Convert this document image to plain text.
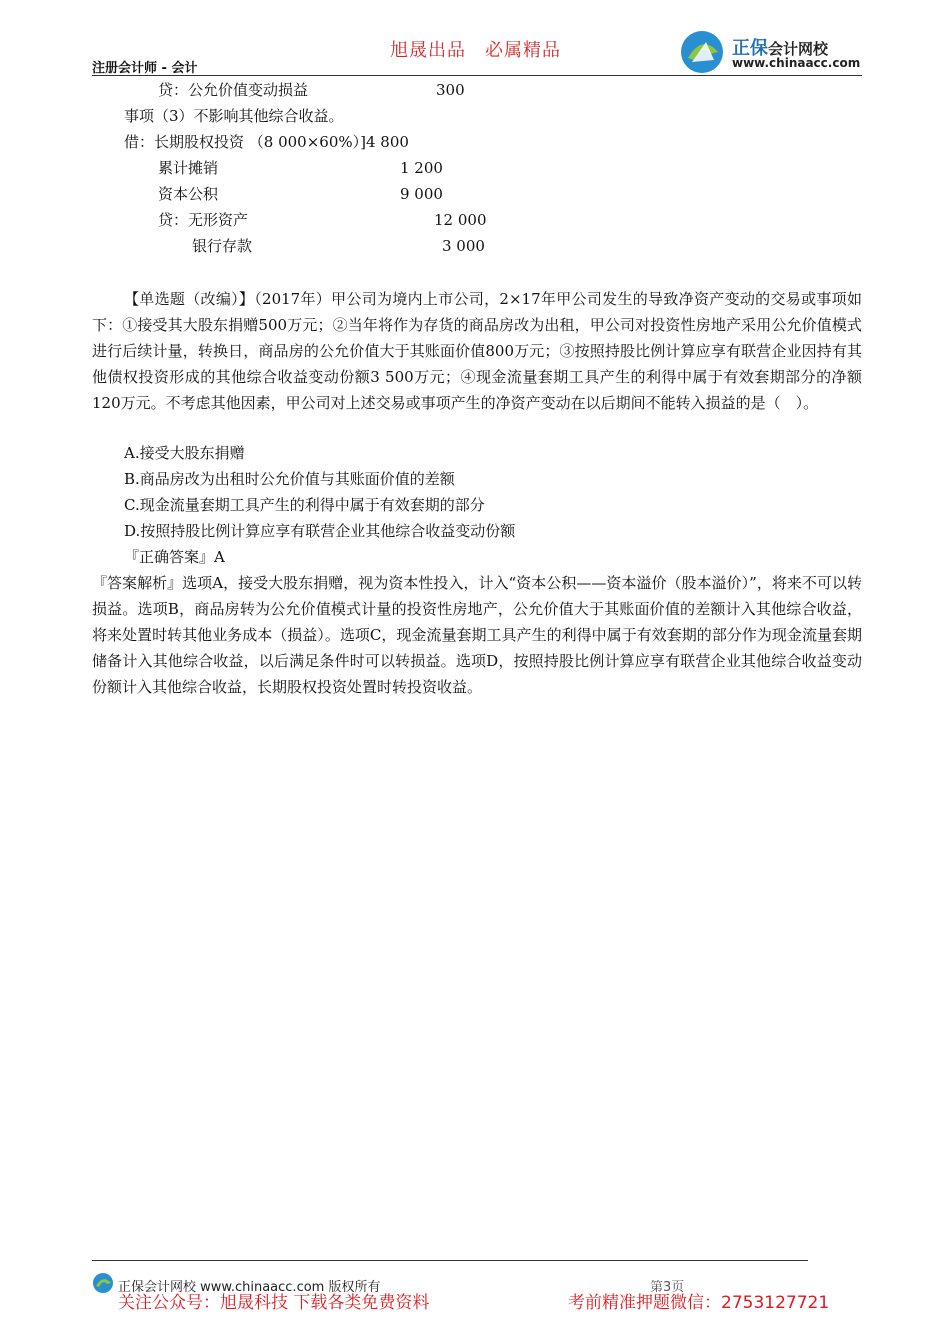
注册会计师 - 会计
旭晟出品　必属精品	正保会计网校
www.chinaacc.com
贷：公允价值变动损益	300
事项（3）不影响其他综合收益。
借：长期股权投资 （8 000×60%）]4 800
累计摊销	1 200
资本公积	9 000
贷：无形资产	12 000
银行存款	3 000
【单选题（改编）】（2017年）甲公司为境内上市公司，2×17年甲公司发生的导致净资产变动的交易或事项如下：①接受其大股东捐赠500万元；②当年将作为存货的商品房改为出租，甲公司对投资性房地产采用公允价值模式进行后续计量，转换日，商品房的公允价值大于其账面价值800万元；③按照持股比例计算应享有联营企业因持有其他债权投资形成的其他综合收益变动份额3 500万元；④现金流量套期工具产生的利得中属于有效套期部分的净额120万元。不考虑其他因素，甲公司对上述交易或事项产生的净资产变动在以后期间不能转入损益的是（　）。
A.接受大股东捐赠
B.商品房改为出租时公允价值与其账面价值的差额
C.现金流量套期工具产生的利得中属于有效套期的部分
D.按照持股比例计算应享有联营企业其他综合收益变动份额
『正确答案』A
『答案解析』选项A，接受大股东捐赠，视为资本性投入，计入“资本公积——资本溢价（股本溢价）”，将来不可以转损益。选项B，商品房转为公允价值模式计量的投资性房地产，公允价值大于其账面价值的差额计入其他综合收益，将来处置时转其他业务成本（损益）。选项C，现金流量套期工具产生的利得中属于有效套期的部分作为现金流量套期储备计入其他综合收益，以后满足条件时可以转损益。选项D，按照持股比例计算应享有联营企业其他综合收益变动份额计入其他综合收益，长期股权投资处置时转投资收益。
正保会计网校 www.chinaacc.com 版权所有	第3页
关注公众号：旭晟科技 下载各类免费资料	考前精准押题微信：2753127721
